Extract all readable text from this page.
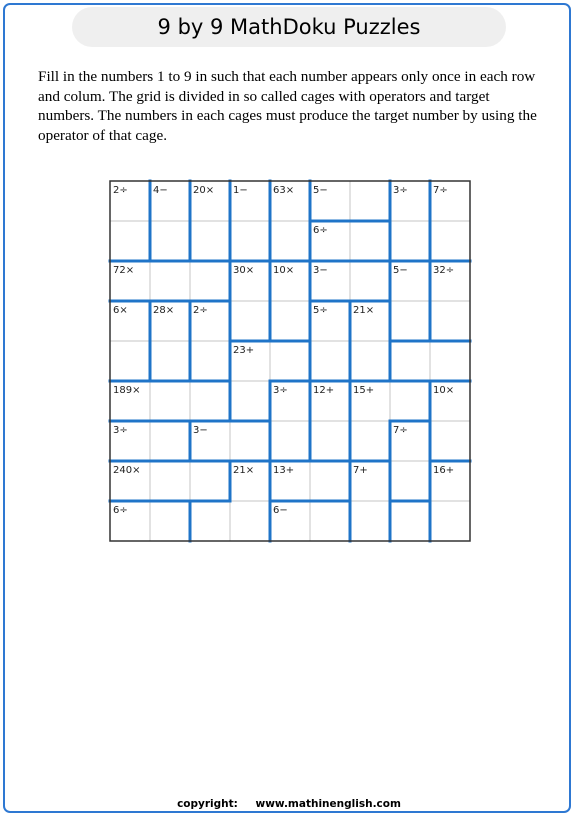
9 by 9 MathDoku Puzzles

Fill in the numbers 1 to 9 in such that each number appears only once in each row and colum. The grid is divided in so called cages with operators and target numbers. The numbers in each cages must produce the target number by using the operator of that cage.

2÷	4−	20× 1−	63× 5−	3÷	7÷
6÷
72×	30× 10× 3−	5−	32÷
6×	28× 2÷	5÷	21×
23+
189×	3÷	12+ 15+	10×
3÷	3−	7÷
240×	21× 13+	7+	16+
6÷	6−
copyright: www.mathinenglish.com
